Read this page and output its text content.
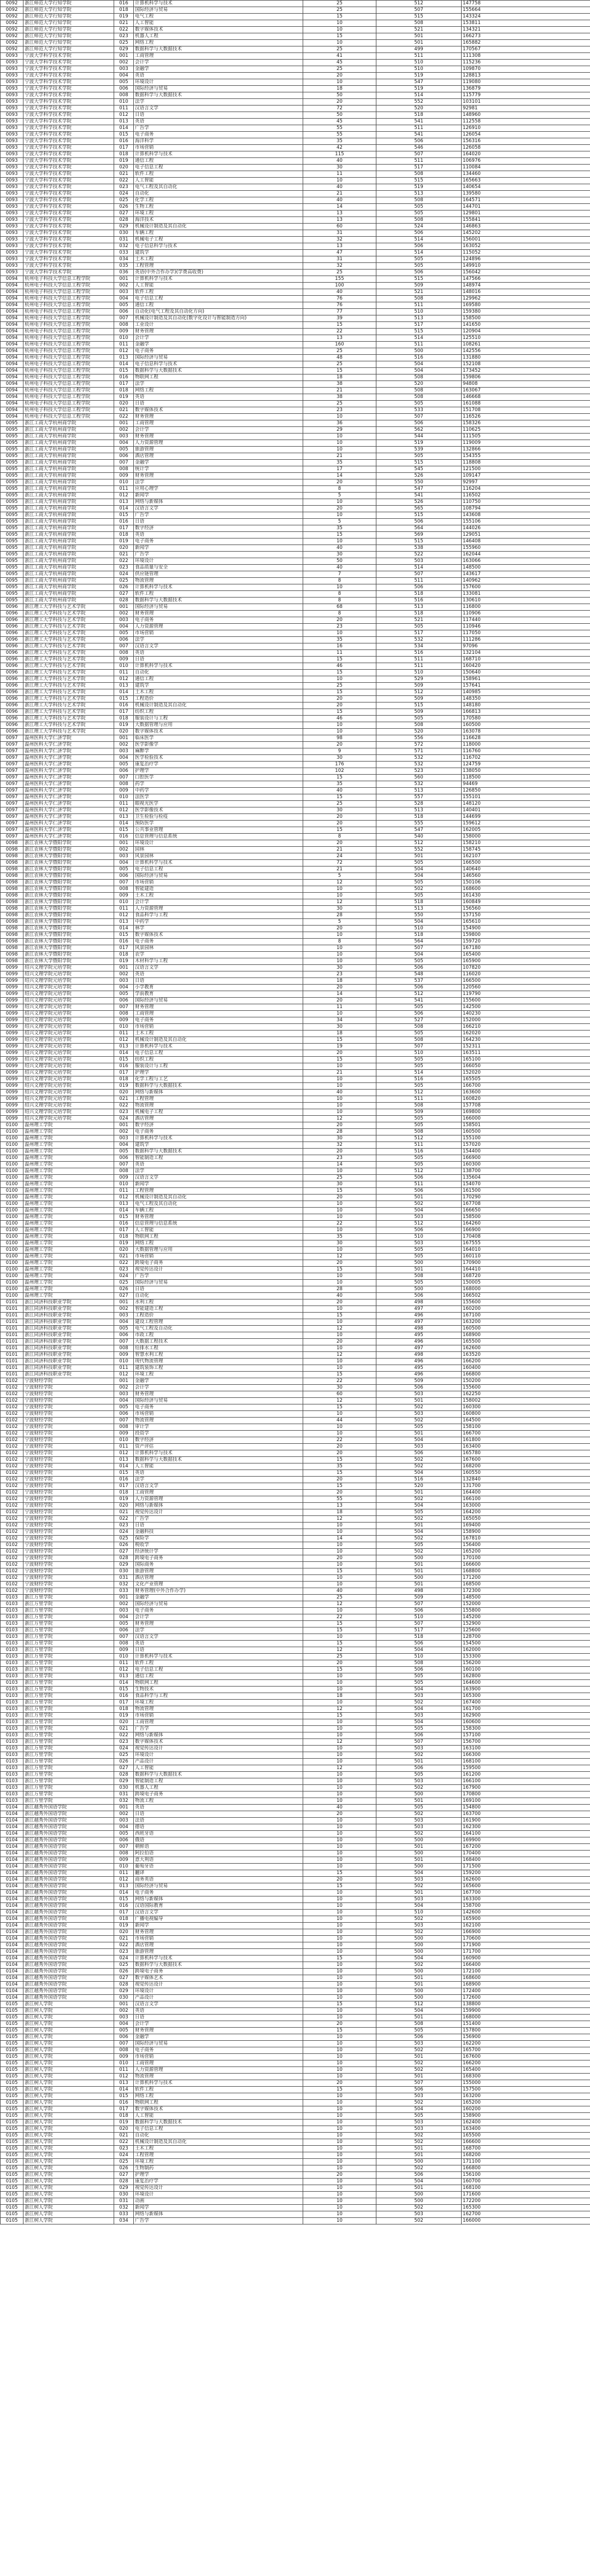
0092	浙江师范大学行知学院	016	计算机科学与技术	25	512	147758
0092	浙江师范大学行知学院	018	国际经济与贸易	25	507	155664
0092	浙江师范大学行知学院	019	电气工程	15	515	143324
0092	浙江师范大学行知学院	021	人工智能	10	508	153811
0092	浙江师范大学行知学院	022	数字媒体技术	10	521	134321
0092	浙江师范大学行知学院	023	机器人工程	15	501	166273
0092	浙江师范大学行知学院	025	网络工程	10	501	165882
0092	浙江师范大学行知学院	029	数据科学与大数据技术	25	499	170567
0093	宁波大学科学技术学院	001	工商管理	41	511	111308
0093	宁波大学科学技术学院	002	会计学	45	510	115236
0093	宁波大学科学技术学院	003	金融学	25	510	109870
0093	宁波大学科学技术学院	004	英语	20	519	128813
0093	宁波大学科学技术学院	005	环境设计	10	547	119080
0093	宁波大学科学技术学院	006	国际经济与贸易	18	519	136879
0093	宁波大学科学技术学院	008	数据科学与大数据技术	50	514	115779
0093	宁波大学科学技术学院	010	法学	20	552	103101
0093	宁波大学科学技术学院	011	汉语言文学	72	520	92981
0093	宁波大学科学技术学院	012	日语	50	518	148960
0093	宁波大学科学技术学院	013	英语	45	541	112558
0093	宁波大学科学技术学院	014	广告学	55	511	126910
0093	宁波大学科学技术学院	015	电子商务	55	541	126054
0093	宁波大学科学技术学院	016	海洋科学	35	506	156316
0093	宁波大学科学技术学院	017	市场营销	42	546	126058
0093	宁波大学科学技术学院	018	计算机科学与技术	115	507	164020
0093	宁波大学科学技术学院	019	通信工程	40	511	106976
0093	宁波大学科学技术学院	020	电子信息工程	30	517	110084
0093	宁波大学科学技术学院	021	软件工程	11	508	134460
0093	宁波大学科学技术学院	022	人工智能	10	515	165663
0093	宁波大学科学技术学院	023	电气工程及其自动化	40	519	140654
0093	宁波大学科学技术学院	024	自动化	21	513	139580
0093	宁波大学科学技术学院	025	化学工程	40	508	164571
0093	宁波大学科学技术学院	026	生物工程	14	505	144701
0093	宁波大学科学技术学院	027	环境工程	13	505	129801
0093	宁波大学科学技术学院	028	海洋技术	13	508	155841
0093	宁波大学科学技术学院	029	机械设计制造及其自动化	60	524	146863
0093	宁波大学科学技术学院	030	车辆工程	31	506	145202
0093	宁波大学科学技术学院	031	机械电子工程	32	514	156001
0093	宁波大学科学技术学院	032	电子信息科学与技术	13	506	163052
0093	宁波大学科学技术学院	033	建筑学	47	514	115052
0093	宁波大学科学技术学院	034	土木工程	31	505	124896
0093	宁波大学科学技术学院	035	工程管理	32	505	149910
0093	宁波大学科学技术学院	036	英语(中外合作办学)(学费高收费)	25	506	156042
0094	杭州电子科技大学信息工程学院	001	计算机科学与技术	155	515	147566
0094	杭州电子科技大学信息工程学院	002	人工智能	100	509	148974
0094	杭州电子科技大学信息工程学院	003	软件工程	40	521	148016
0094	杭州电子科技大学信息工程学院	004	电子信息工程	76	508	129962
0094	杭州电子科技大学信息工程学院	005	通信工程	76	511	169580
0094	杭州电子科技大学信息工程学院	006	自动化(电气工程及其自动化方向)	77	510	159380
0094	杭州电子科技大学信息工程学院	007	机械设计制造及其自动化(数字化设计与智能制造方向)	39	513	158500
0094	杭州电子科技大学信息工程学院	008	工业设计	15	517	141650
0094	杭州电子科技大学信息工程学院	009	财务管理	22	515	120904
0094	杭州电子科技大学信息工程学院	010	会计学	13	514	125510
0094	杭州电子科技大学信息工程学院	011	金融学	160	511	108261
0094	杭州电子科技大学信息工程学院	012	电子商务	25	500	142556
0094	杭州电子科技大学信息工程学院	013	国际经济与贸易	48	516	131880
0094	杭州电子科技大学信息工程学院	014	电子信息科学与技术	25	504	152108
0094	杭州电子科技大学信息工程学院	015	数据科学与大数据技术	15	504	173452
0094	杭州电子科技大学信息工程学院	016	物联网工程	18	508	159806
0094	杭州电子科技大学信息工程学院	017	法学	38	520	94808
0094	杭州电子科技大学信息工程学院	018	网络工程	21	508	163067
0094	杭州电子科技大学信息工程学院	019	英语	38	508	146668
0094	杭州电子科技大学信息工程学院	020	日语	25	505	161088
0094	杭州电子科技大学信息工程学院	021	数字媒体技术	23	533	151708
0094	杭州电子科技大学信息工程学院	022	财务管理	10	507	116526
0095	浙江工商大学杭州商学院	001	工商管理	36	506	158326
0095	浙江工商大学杭州商学院	002	会计学	29	562	110625
0095	浙江工商大学杭州商学院	003	财务管理	10	544	111505
0095	浙江工商大学杭州商学院	004	人力资源管理	10	519	119009
0095	浙江工商大学杭州商学院	005	旅游管理	10	539	132866
0095	浙江工商大学杭州商学院	006	酒店管理	21	505	154355
0095	浙江工商大学杭州商学院	007	金融学	35	515	118808
0095	浙江工商大学杭州商学院	008	统计学	17	545	121500
0095	浙江工商大学杭州商学院	009	财务管理	14	526	109147
0095	浙江工商大学杭州商学院	010	法学	20	550	92997
0095	浙江工商大学杭州商学院	011	应用心理学	8	547	116204
0095	浙江工商大学杭州商学院	012	新闻学	5	541	116502
0095	浙江工商大学杭州商学院	013	网络与新媒体	10	526	110750
0095	浙江工商大学杭州商学院	014	汉语言文学	20	565	108794
0095	浙江工商大学杭州商学院	015	广告学	10	515	143608
0095	浙江工商大学杭州商学院	016	日语	5	506	155106
0095	浙江工商大学杭州商学院	017	数字经济	35	564	144026
0095	浙江工商大学杭州商学院	018	英语	15	569	129051
0095	浙江工商大学杭州商学院	019	电子商务	10	515	146408
0095	浙江工商大学杭州商学院	020	新闻学	40	538	155960
0095	浙江工商大学杭州商学院	021	广告学	30	522	162044
0095	浙江工商大学杭州商学院	022	环境设计	50	503	163066
0095	浙江工商大学杭州商学院	023	食品质量与安全	40	514	148500
0095	浙江工商大学杭州商学院	024	供应链管理	7	507	143617
0095	浙江工商大学杭州商学院	025	物流管理	8	511	140962
0095	浙江工商大学杭州商学院	026	计算机科学与技术	10	506	157600
0095	浙江工商大学杭州商学院	027	软件工程	8	518	133081
0095	浙江工商大学杭州商学院	028	数据科学与大数据技术	8	516	130610
0096	浙江理工大学科技与艺术学院	001	国际经济与贸易	68	513	116800
0096	浙江理工大学科技与艺术学院	002	财务管理	8	518	110906
0096	浙江理工大学科技与艺术学院	003	电子商务	20	521	117440
0096	浙江理工大学科技与艺术学院	004	人力资源管理	23	505	110946
0096	浙江理工大学科技与艺术学院	005	市场营销	10	517	117050
0096	浙江理工大学科技与艺术学院	006	法学	35	532	111286
0096	浙江理工大学科技与艺术学院	007	汉语言文学	16	534	97096
0096	浙江理工大学科技与艺术学院	008	英语	11	516	132104
0096	浙江理工大学科技与艺术学院	009	日语	15	511	168710
0096	浙江理工大学科技与艺术学院	010	计算机科学与技术	46	511	160420
0096	浙江理工大学科技与艺术学院	011	自动化	15	510	150640
0096	浙江理工大学科技与艺术学院	012	通信工程	10	529	158961
0096	浙江理工大学科技与艺术学院	013	建筑学	25	509	157641
0096	浙江理工大学科技与艺术学院	014	土木工程	15	512	140985
0096	浙江理工大学科技与艺术学院	015	工程造价	20	509	148350
0096	浙江理工大学科技与艺术学院	016	机械设计制造及其自动化	20	515	148180
0096	浙江理工大学科技与艺术学院	017	纺织工程	15	509	166813
0096	浙江理工大学科技与艺术学院	018	服装设计与工程	46	505	170580
0096	浙江理工大学科技与艺术学院	019	大数据管理与应用	10	508	160500
0096	浙江理工大学科技与艺术学院	020	数字媒体技术	10	520	163078
0097	温州医科大学仁济学院	001	临床医学	98	556	116628
0097	温州医科大学仁济学院	002	医学影像学	20	572	118000
0097	温州医科大学仁济学院	003	麻醉学	9	571	116760
0097	温州医科大学仁济学院	004	医学检验技术	30	532	116702
0097	温州医科大学仁济学院	005	康复治疗学	176	532	124759
0097	温州医科大学仁济学院	006	护理学	102	523	138050
0097	温州医科大学仁济学院	007	口腔医学	15	560	118500
0097	温州医科大学仁济学院	008	药学	35	532	94469
0097	温州医科大学仁济学院	009	中药学	40	513	126850
0097	温州医科大学仁济学院	010	法医学	15	557	155101
0097	温州医科大学仁济学院	011	眼视光医学	25	528	148120
0097	温州医科大学仁济学院	012	医学影像技术	30	513	140401
0097	温州医科大学仁济学院	013	卫生检验与检疫	20	518	144699
0097	温州医科大学仁济学院	014	预防医学	20	555	159612
0097	温州医科大学仁济学院	015	公共事业管理	15	547	162005
0097	温州医科大学仁济学院	016	信息管理与信息系统	8	540	158000
0098	浙江农林大学暨阳学院	001	环境设计	20	512	158210
0098	浙江农林大学暨阳学院	002	园林	21	552	158745
0098	浙江农林大学暨阳学院	003	风景园林	24	501	162107
0098	浙江农林大学暨阳学院	004	计算机科学与技术	72	505	166500
0098	浙江农林大学暨阳学院	005	电子信息工程	21	504	140640
0098	浙江农林大学暨阳学院	006	国际经济与贸易	5	504	146560
0098	浙江农林大学暨阳学院	007	市场营销	12	505	150106
0098	浙江农林大学暨阳学院	008	智能建造	10	502	168600
0098	浙江农林大学暨阳学院	009	土木工程	10	505	161430
0098	浙江农林大学暨阳学院	010	会计学	12	518	160849
0098	浙江农林大学暨阳学院	011	人力资源管理	30	513	156560
0098	浙江农林大学暨阳学院	012	食品科学与工程	28	550	157150
0098	浙江农林大学暨阳学院	013	中药学	5	504	165610
0098	浙江农林大学暨阳学院	014	林学	20	510	154900
0098	浙江农林大学暨阳学院	015	数字媒体技术	10	518	159800
0098	浙江农林大学暨阳学院	016	电子商务	8	564	159720
0098	浙江农林大学暨阳学院	017	风景园林	10	507	167180
0098	浙江农林大学暨阳学院	018	农学	10	504	165400
0098	浙江农林大学暨阳学院	019	木材科学与工程	10	505	165900
0099	绍兴文理学院元培学院	001	汉语言文学	30	506	107820
0099	绍兴文理学院元培学院	002	英语	23	548	116020
0099	绍兴文理学院元培学院	003	日语	18	537	166500
0099	绍兴文理学院元培学院	004	小学教育	20	506	120560
0099	绍兴文理学院元培学院	005	学前教育	14	512	119790
0099	绍兴文理学院元培学院	006	国际经济与贸易	20	541	155600
0099	绍兴文理学院元培学院	007	财务管理	11	505	142500
0099	绍兴文理学院元培学院	008	工商管理	10	506	140230
0099	绍兴文理学院元培学院	009	电子商务	34	527	152000
0099	绍兴文理学院元培学院	010	市场营销	30	508	166210
0099	绍兴文理学院元培学院	011	土木工程	18	505	162020
0099	绍兴文理学院元培学院	012	机械设计制造及其自动化	15	508	164230
0099	绍兴文理学院元培学院	013	计算机科学与技术	19	507	152311
0099	绍兴文理学院元培学院	014	电子信息工程	20	510	163511
0099	绍兴文理学院元培学院	015	纺织工程	15	505	165100
0099	绍兴文理学院元培学院	016	服装设计与工程	10	505	166050
0099	绍兴文理学院元培学院	017	护理学	21	514	152020
0099	绍兴文理学院元培学院	018	化学工程与工艺	10	516	165505
0099	绍兴文理学院元培学院	019	数据科学与大数据技术	10	505	166700
0099	绍兴文理学院元培学院	020	网络与新媒体	40	512	163600
0099	绍兴文理学院元培学院	021	工程管理	10	511	160820
0099	绍兴文理学院元培学院	022	物流管理	10	508	157708
0099	绍兴文理学院元培学院	023	机械电子工程	10	509	169800
0099	绍兴文理学院元培学院	024	酒店管理	12	505	166000
0100	温州理工学院	001	数字经济	20	505	158501
0100	温州理工学院	002	电子商务	28	508	160500
0100	温州理工学院	003	计算机科学与技术	30	512	155100
0100	温州理工学院	004	建筑学	32	511	157020
0100	温州理工学院	005	数据科学与大数据技术	20	516	154400
0100	温州理工学院	006	智能制造工程	23	505	166900
0100	温州理工学院	007	英语	14	505	160300
0100	温州理工学院	008	法学	10	512	138700
0100	温州理工学院	009	汉语言文学	25	506	135604
0100	温州理工学院	010	新闻学	30	511	154070
0100	温州理工学院	011	工程管理	15	506	161500
0100	温州理工学院	012	机械设计制造及其自动化	20	501	170290
0100	温州理工学院	013	电气工程及其自动化	10	502	167708
0100	温州理工学院	014	车辆工程	10	504	166650
0100	温州理工学院	015	财务管理	10	503	158500
0100	温州理工学院	016	信息管理与信息系统	22	512	164260
0100	温州理工学院	017	人工智能	10	506	166900
0100	温州理工学院	018	物联网工程	35	510	170408
0100	温州理工学院	019	网络工程	30	503	167555
0100	温州理工学院	020	大数据管理与应用	10	505	164010
0100	温州理工学院	021	市场营销	12	505	160110
0100	温州理工学院	022	跨境电子商务	20	500	170900
0100	温州理工学院	023	视觉传达设计	15	501	164410
0100	温州理工学院	024	广告学	10	508	168720
0100	温州理工学院	025	国际经济与贸易	10	505	150005
0100	温州理工学院	026	日语	28	500	168000
0100	温州理工学院	027	自动化	40	506	166502
0101	浙江同济科技职业学院	001	水利工程	20	498	155600
0101	浙江同济科技职业学院	002	智能建造工程	10	497	160200
0101	浙江同济科技职业学院	003	工程造价	15	496	167100
0101	浙江同济科技职业学院	004	建设工程管理	10	497	163200
0101	浙江同济科技职业学院	005	电气工程及自动化	12	498	160500
0101	浙江同济科技职业学院	006	市政工程	10	495	168900
0101	浙江同济科技职业学院	007	大数据工程技术	20	496	165500
0101	浙江同济科技职业学院	008	给排水工程	10	497	162600
0101	浙江同济科技职业学院	009	智慧水利工程	12	498	163520
0101	浙江同济科技职业学院	010	现代物流管理	10	496	166200
0101	浙江同济科技职业学院	011	建筑装饰工程	10	495	160400
0101	浙江同济科技职业学院	012	环境工程	15	496	166800
0102	宁波财经学院	001	金融学	22	509	150200
0102	宁波财经学院	002	会计学	30	506	155600
0102	宁波财经学院	003	财务管理	60	503	162250
0102	宁波财经学院	004	国际经济与贸易	12	501	158002
0102	宁波财经学院	005	电子商务	15	502	160300
0102	宁波财经学院	006	市场营销	10	503	160800
0102	宁波财经学院	007	物流管理	44	502	164500
0102	宁波财经学院	008	审计学	10	505	158100
0102	宁波财经学院	009	投资学	10	501	166700
0102	宁波财经学院	010	数字经济	22	504	161800
0102	宁波财经学院	011	资产评估	20	503	163400
0102	宁波财经学院	012	计算机科学与技术	20	506	165780
0102	宁波财经学院	013	数据科学与大数据技术	15	502	167600
0102	宁波财经学院	014	人工智能	35	502	168200
0102	宁波财经学院	015	英语	15	504	160550
0102	宁波财经学院	016	法学	20	516	132840
0102	宁波财经学院	017	汉语言文学	15	520	131700
0102	宁波财经学院	018	工商管理	20	501	164400
0102	宁波财经学院	019	人力资源管理	55	502	166100
0102	宁波财经学院	020	网络与新媒体	13	504	163000
0102	宁波财经学院	021	视觉传达设计	18	505	164200
0102	宁波财经学院	022	广告学	12	502	165050
0102	宁波财经学院	023	日语	10	501	169400
0102	宁波财经学院	024	金融科技	10	504	158900
0102	宁波财经学院	025	保险学	14	502	167810
0102	宁波财经学院	026	税收学	10	505	156400
0102	宁波财经学院	027	经济统计学	10	502	165200
0102	宁波财经学院	028	跨境电子商务	20	500	170100
0102	宁波财经学院	029	国际商务	10	501	166600
0102	宁波财经学院	030	旅游管理	15	501	168800
0102	宁波财经学院	031	酒店管理	10	500	171200
0102	宁波财经学院	032	文化产业管理	10	501	168500
0102	宁波财经学院	033	财务管理(中外合作办学)	40	498	172300
0103	浙江万里学院	001	金融学	25	509	148500
0103	浙江万里学院	002	国际经济与贸易	12	507	152000
0103	浙江万里学院	003	电子商务	10	506	155800
0103	浙江万里学院	004	会计学	22	510	145200
0103	浙江万里学院	005	财务管理	15	507	152900
0103	浙江万里学院	006	法学	15	517	125600
0103	浙江万里学院	007	汉语言文学	10	518	128700
0103	浙江万里学院	008	英语	15	506	154500
0103	浙江万里学院	009	日语	12	504	162000
0103	浙江万里学院	010	计算机科学与技术	25	510	153300
0103	浙江万里学院	011	软件工程	20	508	156200
0103	浙江万里学院	012	电子信息工程	15	506	160100
0103	浙江万里学院	013	通信工程	10	505	162800
0103	浙江万里学院	014	物联网工程	10	505	164600
0103	浙江万里学院	015	生物技术	10	504	163900
0103	浙江万里学院	016	食品科学与工程	18	503	165300
0103	浙江万里学院	017	环境工程	10	502	167400
0103	浙江万里学院	018	物流管理	12	504	161700
0103	浙江万里学院	019	市场营销	15	503	162900
0103	浙江万里学院	020	工商管理	10	504	160600
0103	浙江万里学院	021	广告学	10	505	158300
0103	浙江万里学院	022	网络与新媒体	10	506	157100
0103	浙江万里学院	023	数字媒体技术	12	507	156700
0103	浙江万里学院	024	视觉传达设计	10	503	163100
0103	浙江万里学院	025	环境设计	10	502	166300
0103	浙江万里学院	026	产品设计	10	501	168100
0103	浙江万里学院	027	人工智能	12	506	159500
0103	浙江万里学院	028	数据科学与大数据技术	10	505	161200
0103	浙江万里学院	029	智能制造工程	10	503	166100
0103	浙江万里学院	030	机器人工程	10	502	167900
0103	浙江万里学院	031	跨境电子商务	10	500	170800
0103	浙江万里学院	032	物流工程	10	501	169100
0104	浙江越秀外国语学院	001	英语	40	505	154800
0104	浙江越秀外国语学院	002	日语	20	502	163700
0104	浙江越秀外国语学院	003	法语	10	503	161900
0104	浙江越秀外国语学院	004	德语	10	503	162300
0104	浙江越秀外国语学院	005	西班牙语	10	502	164100
0104	浙江越秀外国语学院	006	俄语	10	500	169900
0104	浙江越秀外国语学院	007	朝鲜语	10	501	167200
0104	浙江越秀外国语学院	008	阿拉伯语	10	500	170400
0104	浙江越秀外国语学院	009	意大利语	10	501	168400
0104	浙江越秀外国语学院	010	葡萄牙语	10	500	171500
0104	浙江越秀外国语学院	011	翻译	15	504	159200
0104	浙江越秀外国语学院	012	商务英语	20	503	162600
0104	浙江越秀外国语学院	013	国际经济与贸易	15	502	165600
0104	浙江越秀外国语学院	014	电子商务	10	501	167700
0104	浙江越秀外国语学院	015	网络与新媒体	10	503	163300
0104	浙江越秀外国语学院	016	汉语国际教育	10	504	158700
0104	浙江越秀外国语学院	017	汉语言文学	10	510	142600
0104	浙江越秀外国语学院	018	广播电视编导	10	502	165900
0104	浙江越秀外国语学院	019	新闻学	10	503	162100
0104	浙江越秀外国语学院	020	财务管理	10	502	166900
0104	浙江越秀外国语学院	021	市场营销	10	500	170600
0104	浙江越秀外国语学院	022	酒店管理	10	500	171900
0104	浙江越秀外国语学院	023	旅游管理	10	500	171700
0104	浙江越秀外国语学院	024	计算机科学与技术	15	504	160900
0104	浙江越秀外国语学院	025	数据科学与大数据技术	10	502	166400
0104	浙江越秀外国语学院	026	跨境电子商务	10	500	172100
0104	浙江越秀外国语学院	027	数字媒体艺术	10	501	168600
0104	浙江越秀外国语学院	028	视觉传达设计	10	501	168900
0104	浙江越秀外国语学院	029	环境设计	10	500	172400
0104	浙江越秀外国语学院	030	产品设计	10	500	172600
0105	浙江树人学院	001	汉语言文学	15	512	138800
0105	浙江树人学院	002	英语	10	504	159900
0105	浙江树人学院	003	日语	10	501	168000
0105	浙江树人学院	004	会计学	20	508	151400
0105	浙江树人学院	005	财务管理	15	505	157800
0105	浙江树人学院	006	金融学	10	506	156900
0105	浙江树人学院	007	国际经济与贸易	10	503	162200
0105	浙江树人学院	008	电子商务	10	502	165700
0105	浙江树人学院	009	市场营销	10	501	167600
0105	浙江树人学院	010	工商管理	10	502	166200
0105	浙江树人学院	011	人力资源管理	10	502	165400
0105	浙江树人学院	012	物流管理	10	501	168300
0105	浙江树人学院	013	计算机科学与技术	20	507	155000
0105	浙江树人学院	014	软件工程	15	506	157500
0105	浙江树人学院	015	网络工程	10	503	163200
0105	浙江树人学院	016	物联网工程	10	502	165200
0105	浙江树人学院	017	数字媒体技术	10	504	160200
0105	浙江树人学院	018	人工智能	10	505	158900
0105	浙江树人学院	019	数据科学与大数据技术	10	503	162400
0105	浙江树人学院	020	电子信息工程	10	503	163400
0105	浙江树人学院	021	自动化	10	502	165500
0105	浙江树人学院	022	机械设计制造及其自动化	10	502	166600
0105	浙江树人学院	023	土木工程	10	501	168700
0105	浙江树人学院	024	工程管理	10	501	168200
0105	浙江树人学院	025	环境工程	10	500	171100
0105	浙江树人学院	026	生物制药	10	502	166800
0105	浙江树人学院	027	护理学	20	506	156100
0105	浙江树人学院	028	康复治疗学	10	504	160700
0105	浙江树人学院	029	视觉传达设计	10	501	168100
0105	浙江树人学院	030	环境设计	10	500	171600
0105	浙江树人学院	031	动画	10	500	172200
0105	浙江树人学院	032	新闻学	10	502	165300
0105	浙江树人学院	033	网络与新媒体	10	503	162700
0105	浙江树人学院	034	广告学	10	502	166000
